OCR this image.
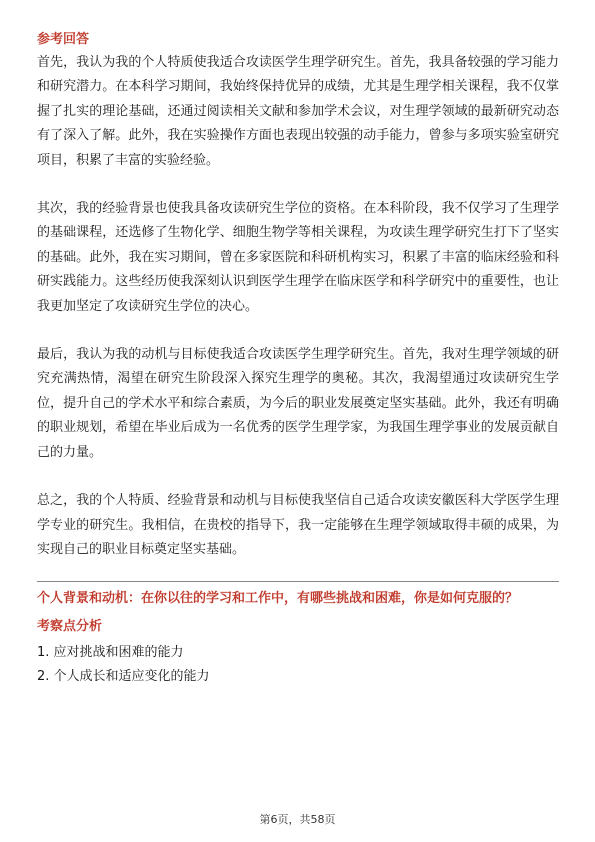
参考回答

首先，我认为我的个人特质使我适合攻读医学生理学研究生。首先，我具备较强的学习能力和研究潜力。在本科学习期间，我始终保持优异的成绩，尤其是生理学相关课程，我不仅掌握了扎实的理论基础，还通过阅读相关文献和参加学术会议，对生理学领域的最新研究动态有了深入了解。此外，我在实验操作方面也表现出较强的动手能力，曾参与多项实验室研究项目，积累了丰富的实验经验。

其次，我的经验背景也使我具备攻读研究生学位的资格。在本科阶段，我不仅学习了生理学的基础课程，还选修了生物化学、细胞生物学等相关课程，为攻读生理学研究生打下了坚实的基础。此外，我在实习期间，曾在多家医院和科研机构实习，积累了丰富的临床经验和科研实践能力。这些经历使我深刻认识到医学生理学在临床医学和科学研究中的重要性，也让我更加坚定了攻读研究生学位的决心。

最后，我认为我的动机与目标使我适合攻读医学生理学研究生。首先，我对生理学领域的研究充满热情，渴望在研究生阶段深入探究生理学的奥秘。其次，我渴望通过攻读研究生学位，提升自己的学术水平和综合素质，为今后的职业发展奠定坚实基础。此外，我还有明确的职业规划，希望在毕业后成为一名优秀的医学生理学家，为我国生理学事业的发展贡献自己的力量。

总之，我的个人特质、经验背景和动机与目标使我坚信自己适合攻读安徽医科大学医学生理学专业的研究生。我相信，在贵校的指导下，我一定能够在生理学领域取得丰硕的成果，为实现自己的职业目标奠定坚实基础。

个人背景和动机：在你以往的学习和工作中，有哪些挑战和困难，你是如何克服的？

考察点分析

1. 应对挑战和困难的能力

2. 个人成长和适应变化的能力

第6页，共58页
